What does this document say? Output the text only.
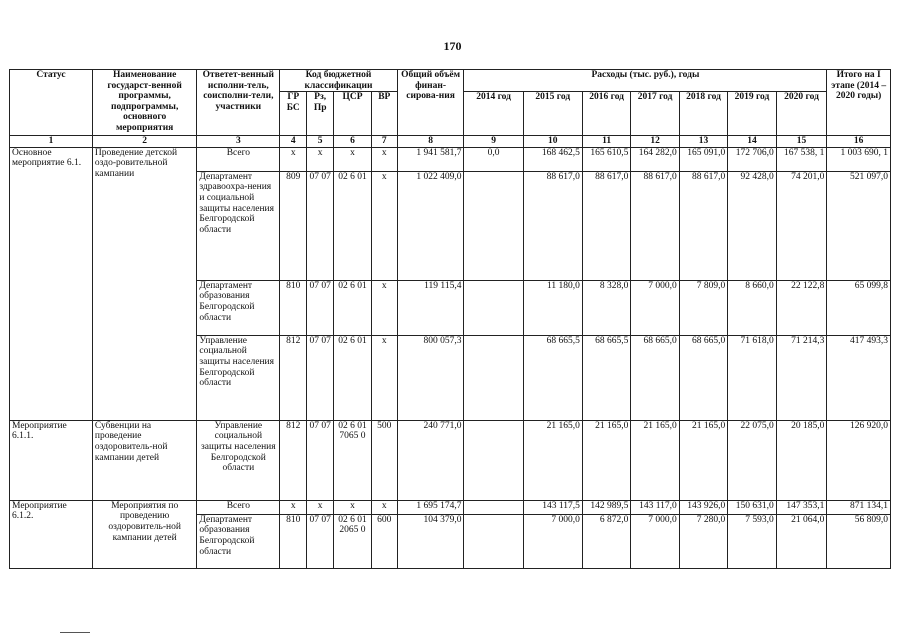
170
Статус	Наименование государст-венной программы, подпрограммы, основного мероприятия	Ответет-венный исполни-тель, соисполни-тели, участники	Код бюджетной классификации				Общий объём финан-сирова-ния	Расходы (тыс. руб.), годы							Итого на I этапе (2014 – 2020 годы)
			ГР БС	Рз, Пр	ЦСР	ВР		2014 год	2015 год	2016 год	2017 год	2018 год	2019 год	2020 год	

1	2	3	4	5	6	7	8	9	10	11	12	13	14	15	16
Основное мероприятие 6.1.	Проведение детской оздо-ровительной кампании	Всего	х	х	х	х	1 941 581,7	0,0	168 462,5	165 610,5	164 282,0	165 091,0	172 706,0	167 538, 1	1 003 690, 1
		Департамент здравоохра-нения и социальной защиты населения Белгородской области	809	07 07	02 6 01	х	1 022 409,0		88 617,0	88 617,0	88 617,0	88 617,0	92 428,0	74 201,0	521 097,0
		Департамент образования Белгородской области	810	07 07	02 6 01	х	119 115,4		11 180,0	8 328,0	7 000,0	7 809,0	8 660,0	22 122,8	65 099,8
		Управление социальной защиты населения Белгородской области	812	07 07	02 6 01	х	800 057,3		68 665,5	68 665,5	68 665,0	68 665,0	71 618,0	71 214,3	417 493,3
Мероприятие 6.1.1.	Субвенции на проведение оздоровитель-ной кампании детей	Управление социальной защиты населения Белгородской области	812	07 07	02 6 01 7065 0	500	240 771,0		21 165,0	21 165,0	21 165,0	21 165,0	22 075,0	20 185,0	126 920,0
Мероприятие 6.1.2.	Мероприятия по проведению оздоровитель-ной кампании детей	Всего	х	х	х	х	1 695 174,7		143 117,5	142 989,5	143 117,0	143 926,0	150 631,0	147 353,1	871 134,1
		Департамент образования Белгородской области	810	07 07	02 6 01 2065 0	600	104 379,0		7 000,0	6 872,0	7 000,0	7 280,0	7 593,0	21 064,0	56 809,0
